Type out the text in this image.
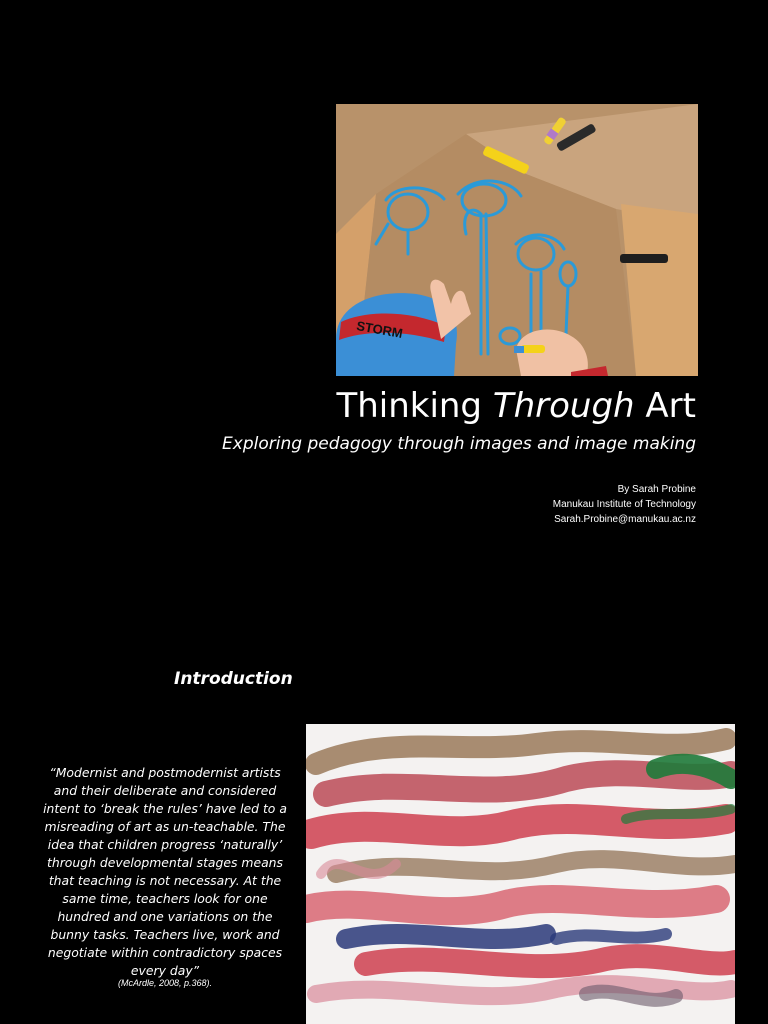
STORM
Thinking Through Art

Exploring pedagogy through images and image making

By Sarah Probine
Manukau Institute of Technology
Sarah.Probine@manukau.ac.nz
Introduction

“Modernist and postmodernist artists and their deliberate and considered intent to ‘break the rules’ have led to a misreading of art as un-teachable. The idea that children progress ‘naturally’ through developmental stages means that teaching is not necessary. At the same time, teachers look for one hundred and one variations on the bunny tasks. Teachers live, work and negotiate within contradictory spaces every day”

(McArdle, 2008, p.368).
